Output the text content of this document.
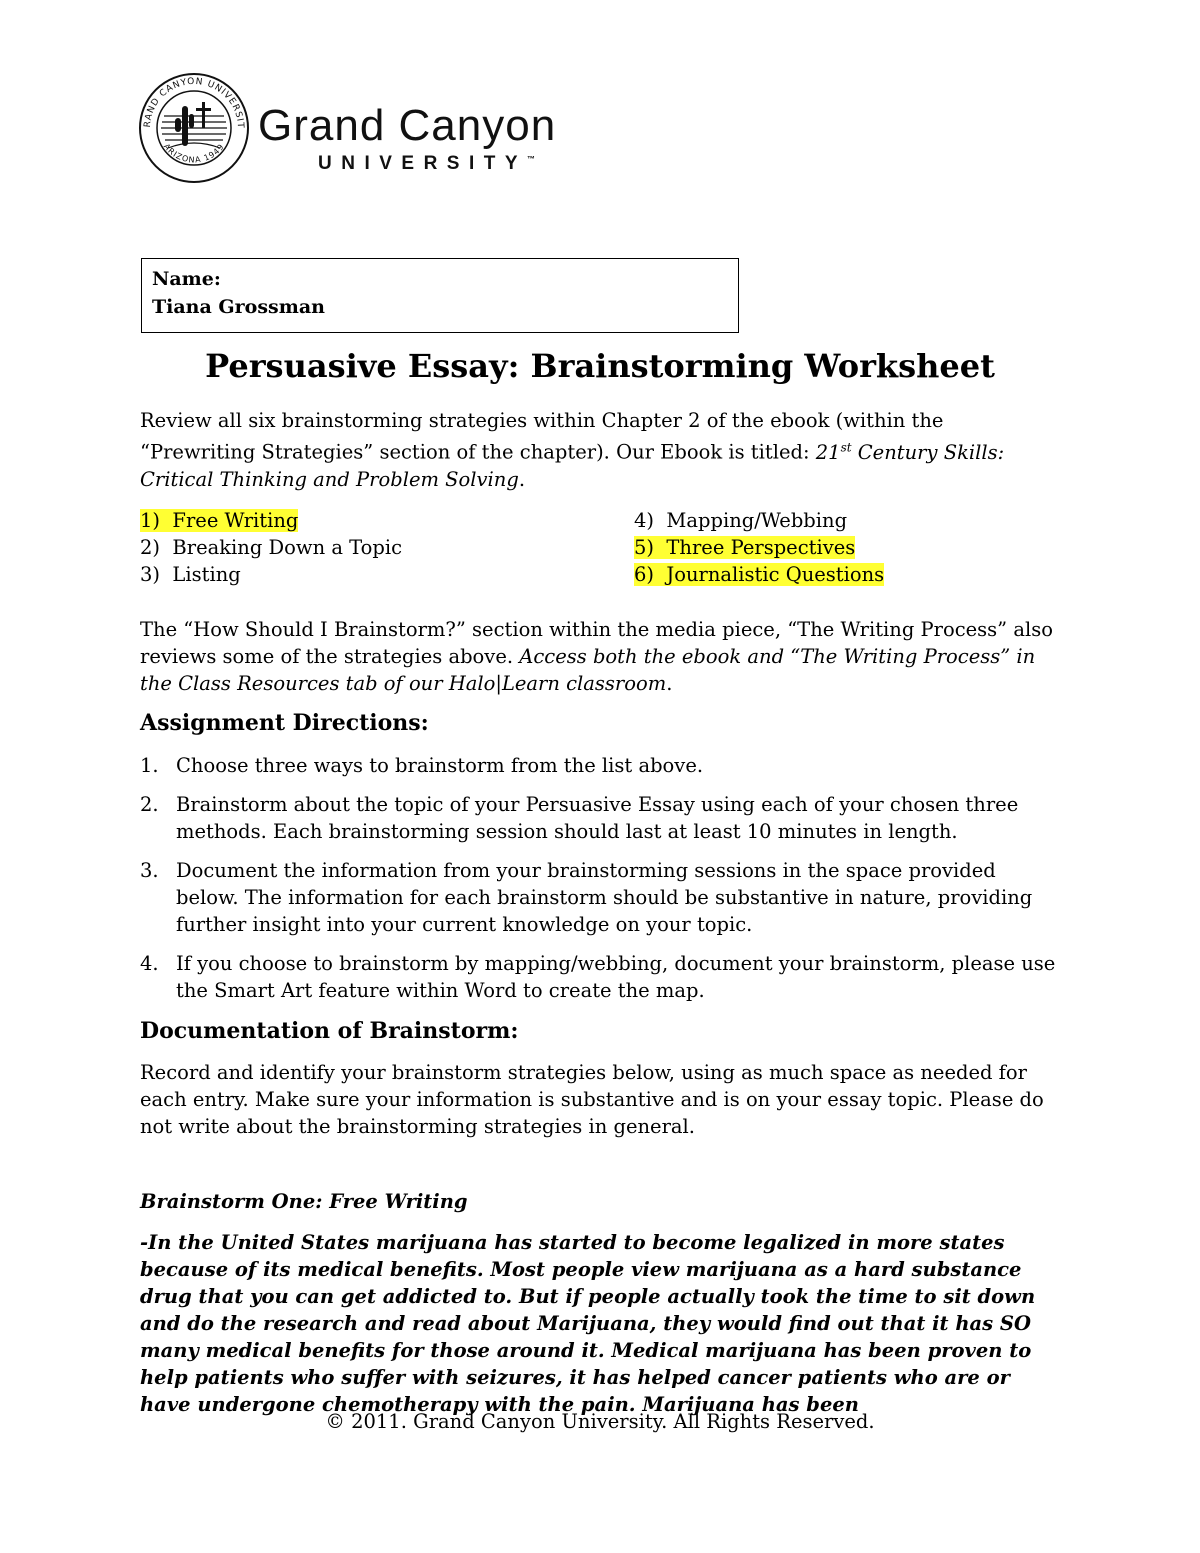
RAND CANYON UNIVERSIT
ARIZONA 1949 Grand Canyon
UNIVERSITY™
Name:
Tiana Grossman
Persuasive Essay: Brainstorming Worksheet
Review all six brainstorming strategies within Chapter 2 of the ebook (within the “Prewriting Strategies” section of the chapter). Our Ebook is titled: 21st Century Skills: Critical Thinking and Problem Solving.
1) Free Writing
2) Breaking Down a Topic
3) Listing
4) Mapping/Webbing
5) Three Perspectives
6) Journalistic Questions
The “How Should I Brainstorm?” section within the media piece, “The Writing Process” also reviews some of the strategies above. Access both the ebook and “The Writing Process” in the Class Resources tab of our Halo|Learn classroom.
Assignment Directions:
1. Choose three ways to brainstorm from the list above.
2. Brainstorm about the topic of your Persuasive Essay using each of your chosen three methods. Each brainstorming session should last at least 10 minutes in length.
3. Document the information from your brainstorming sessions in the space provided below. The information for each brainstorm should be substantive in nature, providing further insight into your current knowledge on your topic.
4. If you choose to brainstorm by mapping/webbing, document your brainstorm, please use the Smart Art feature within Word to create the map.
Documentation of Brainstorm:
Record and identify your brainstorm strategies below, using as much space as needed for each entry. Make sure your information is substantive and is on your essay topic. Please do not write about the brainstorming strategies in general.
Brainstorm One: Free Writing
-In the United States marijuana has started to become legalized in more states because of its medical benefits. Most people view marijuana as a hard substance drug that you can get addicted to. But if people actually took the time to sit down and do the research and read about Marijuana, they would find out that it has SO many medical benefits for those around it. Medical marijuana has been proven to help patients who suffer with seizures, it has helped cancer patients who are or have undergone chemotherapy with the pain. Marijuana has been
© 2011. Grand Canyon University. All Rights Reserved.
